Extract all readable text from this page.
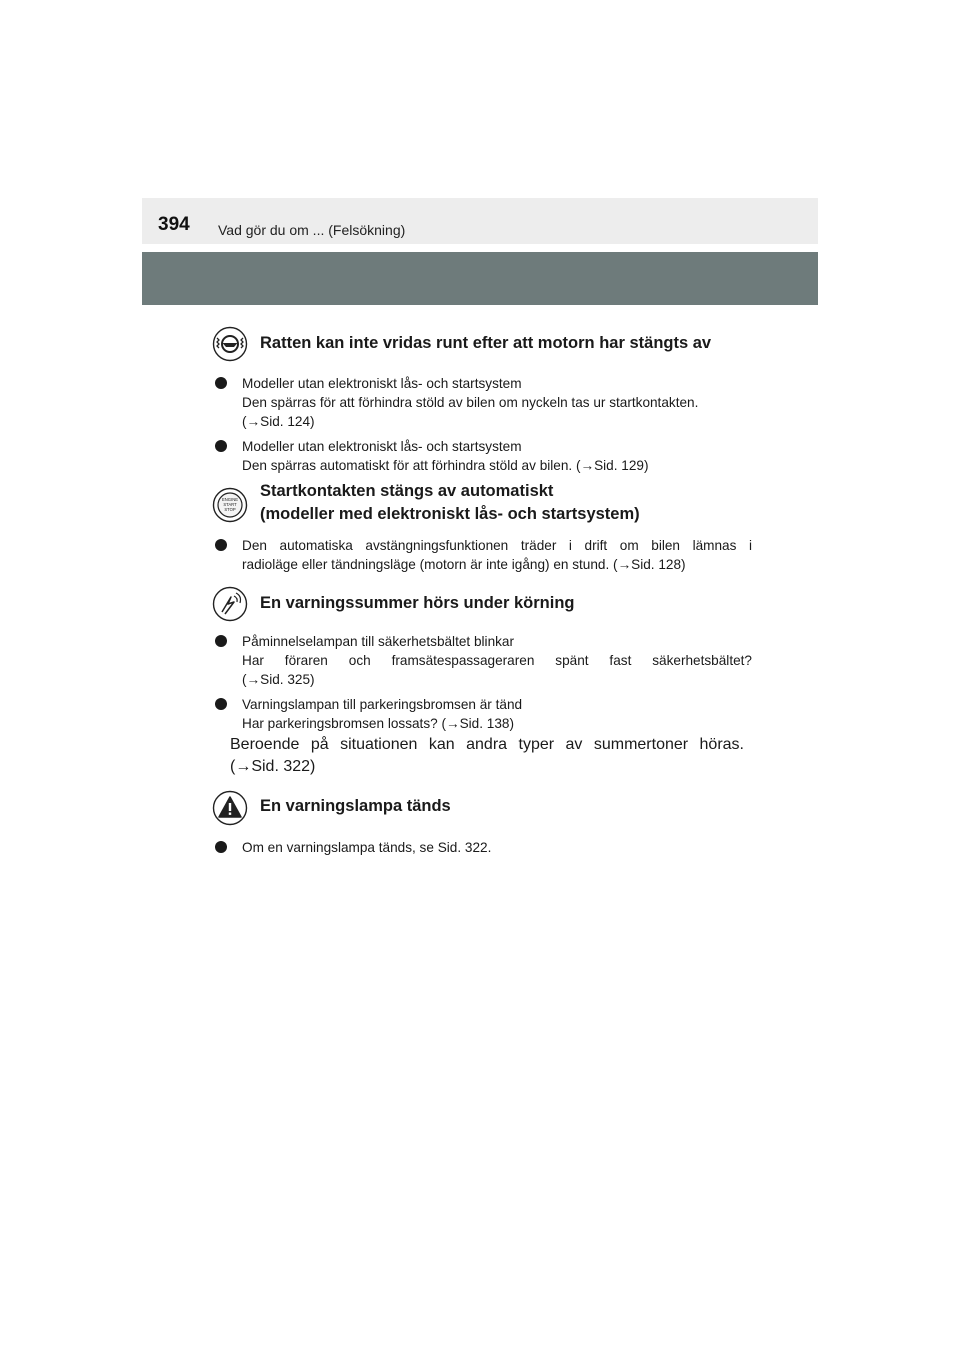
394 Vad gör du om ... (Felsökning)
Ratten kan inte vridas runt efter att motorn har stängts av
Modeller utan elektroniskt lås- och startsystem
Den spärras för att förhindra stöld av bilen om nyckeln tas ur startkontakten.
(→Sid. 124)
Modeller utan elektroniskt lås- och startsystem
Den spärras automatiskt för att förhindra stöld av bilen. (→Sid. 129)
ENGINE
START
STOP
Startkontakten stängs av automatiskt
(modeller med elektroniskt lås- och startsystem)
Den automatiska avstängningsfunktionen träder i drift om bilen lämnas i
radioläge eller tändningsläge (motorn är inte igång) en stund. (→Sid. 128)
En varningssummer hörs under körning
Påminnelselampan till säkerhetsbältet blinkar
Har föraren och framsätespassageraren spänt fast säkerhetsbältet?
(→Sid. 325)
Varningslampan till parkeringsbromsen är tänd
Har parkeringsbromsen lossats? (→Sid. 138)
Beroende på situationen kan andra typer av summertoner höras.
(→Sid. 322)
En varningslampa tänds
Om en varningslampa tänds, se Sid. 322.
